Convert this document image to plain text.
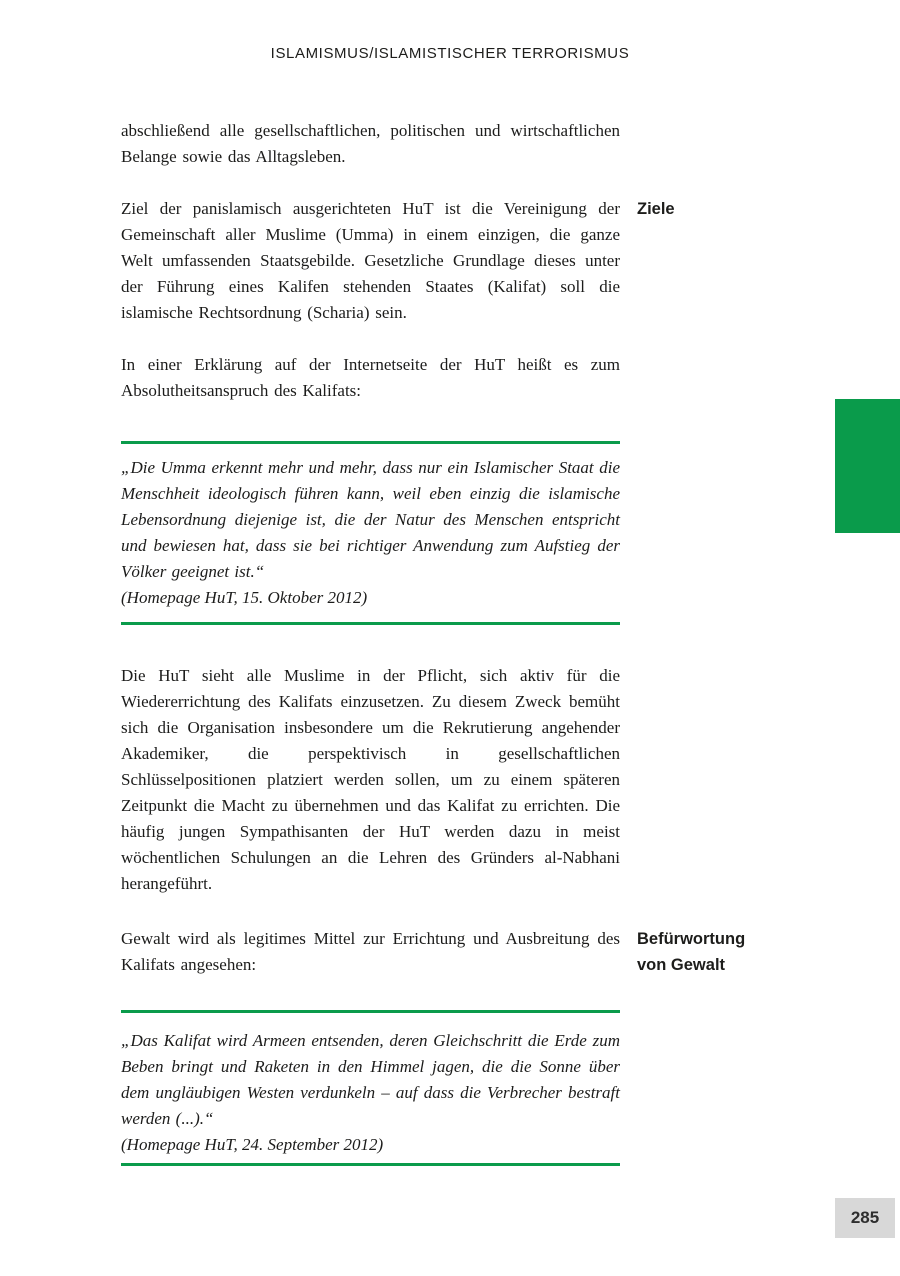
ISLAMISMUS/ISLAMISTISCHER TERRORISMUS

abschließend alle gesellschaftlichen, politischen und wirtschaftlichen Belange sowie das Alltagsleben.

Ziel der panislamisch ausgerichteten HuT ist die Vereinigung der Gemeinschaft aller Muslime (Umma) in einem einzigen, die ganze Welt umfassenden Staatsgebilde. Gesetzliche Grundlage dieses unter der Führung eines Kalifen stehenden Staates (Kalifat) soll die islamische Rechtsordnung (Scharia) sein.

Ziele

In einer Erklärung auf der Internetseite der HuT heißt es zum Absolutheitsanspruch des Kalifats:

„Die Umma erkennt mehr und mehr, dass nur ein Islamischer Staat die Menschheit ideologisch führen kann, weil eben einzig die islamische Lebensordnung diejenige ist, die der Natur des Menschen entspricht und bewiesen hat, dass sie bei richtiger Anwendung zum Aufstieg der Völker geeignet ist.“

(Homepage HuT, 15. Oktober 2012)

Die HuT sieht alle Muslime in der Pflicht, sich aktiv für die Wiedererrichtung des Kalifats einzusetzen. Zu diesem Zweck bemüht sich die Organisation insbesondere um die Rekrutierung angehender Akademiker, die perspektivisch in gesellschaftlichen Schlüsselpositionen platziert werden sollen, um zu einem späteren Zeitpunkt die Macht zu übernehmen und das Kalifat zu errichten. Die häufig jungen Sympathisanten der HuT werden dazu in meist wöchentlichen Schulungen an die Lehren des Gründers al-Nabhani herangeführt.

Gewalt wird als legitimes Mittel zur Errichtung und Ausbreitung des Kalifats angesehen:

Befürwortung von Gewalt

„Das Kalifat wird Armeen entsenden, deren Gleichschritt die Erde zum Beben bringt und Raketen in den Himmel jagen, die die Sonne über dem ungläubigen Westen verdunkeln – auf dass die Verbrecher bestraft werden (...).“

(Homepage HuT, 24. September 2012)

285
